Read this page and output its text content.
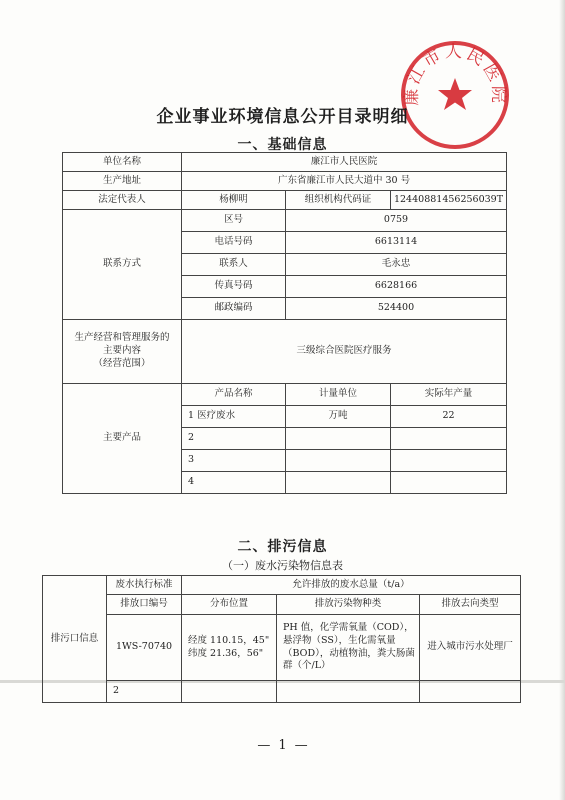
廉江市人民医院
企业事业环境信息公开目录明细
一、基础信息
单位名称	廉江市人民医院		
生产地址	广东省廉江市人民大道中 30 号		
法定代表人	杨柳明	组织机构代码证	12440881456256039T
联系方式	区号	0759	
	电话号码	6613114	
	联系人	毛永忠	
	传真号码	6628166	
	邮政编码	524400	

生产经营和管理服务的
主要内容
（经营范围）	三级综合医院医疗服务		
主要产品	产品名称	计量单位	实际年产量
	1 医疗废水	万吨	22
	2		
	3		
	4		
二、排污信息
（一）废水污染物信息表
排污口信息	废水执行标准	允许排放的废水总量（t/a）		
	排放口编号	分布位置	排放污染物种类	排放去向类型
	1WS-70740	经度 110.15，45"
纬度 21.36，56"	PH 值，化学需氧量（COD），悬浮物（SS），生化需氧量（BOD），动植物油，粪大肠菌群（个/L）	进入城市污水处理厂
	2			
— 1 —
